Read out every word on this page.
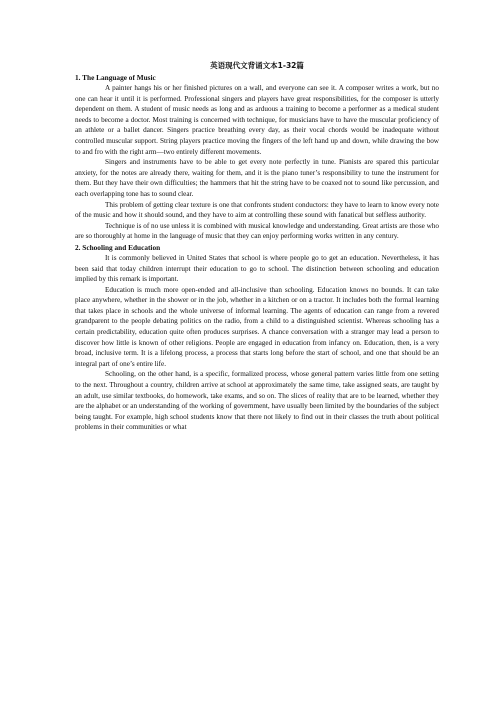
英语现代文背诵文本1-32篇
1. The Language of Music

A painter hangs his or her finished pictures on a wall, and everyone can see it. A composer writes a work, but no one can hear it until it is performed. Professional singers and players have great responsibilities, for the composer is utterly dependent on them. A student of music needs as long and as arduous a training to become a performer as a medical student needs to become a doctor. Most training is concerned with technique, for musicians have to have the muscular proficiency of an athlete or a ballet dancer. Singers practice breathing every day, as their vocal chords would be inadequate without controlled muscular support. String players practice moving the fingers of the left hand up and down, while drawing the bow to and fro with the right arm—two entirely different movements.

Singers and instruments have to be able to get every note perfectly in tune. Pianists are spared this particular anxiety, for the notes are already there, waiting for them, and it is the piano tuner’s responsibility to tune the instrument for them. But they have their own difficulties; the hammers that hit the string have to be coaxed not to sound like percussion, and each overlapping tone has to sound clear.

This problem of getting clear texture is one that confronts student conductors: they have to learn to know every note of the music and how it should sound, and they have to aim at controlling these sound with fanatical but selfless authority.

Technique is of no use unless it is combined with musical knowledge and understanding. Great artists are those who are so thoroughly at home in the language of music that they can enjoy performing works written in any century.

2. Schooling and Education

It is commonly believed in United States that school is where people go to get an education. Nevertheless, it has been said that today children interrupt their education to go to school. The distinction between schooling and education implied by this remark is important.

Education is much more open-ended and all-inclusive than schooling. Education knows no bounds. It can take place anywhere, whether in the shower or in the job, whether in a kitchen or on a tractor. It includes both the formal learning that takes place in schools and the whole universe of informal learning. The agents of education can range from a revered grandparent to the people debating politics on the radio, from a child to a distinguished scientist. Whereas schooling has a certain predictability, education quite often produces surprises. A chance conversation with a stranger may lead a person to discover how little is known of other religions. People are engaged in education from infancy on. Education, then, is a very broad, inclusive term. It is a lifelong process, a process that starts long before the start of school, and one that should be an integral part of one’s entire life.

Schooling, on the other hand, is a specific, formalized process, whose general pattern varies little from one setting to the next. Throughout a country, children arrive at school at approximately the same time, take assigned seats, are taught by an adult, use similar textbooks, do homework, take exams, and so on. The slices of reality that are to be learned, whether they are the alphabet or an understanding of the working of government, have usually been limited by the boundaries of the subject being taught. For example, high school students know that there not likely to find out in their classes the truth about political problems in their communities or what
